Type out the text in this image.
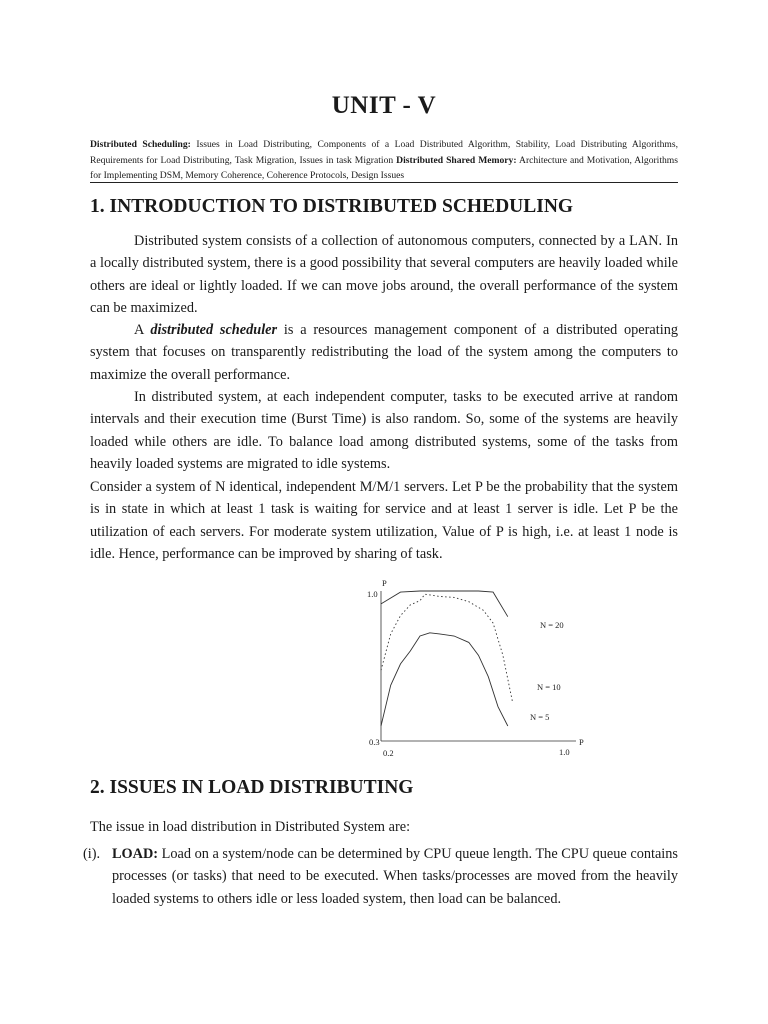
UNIT - V
Distributed Scheduling: Issues in Load Distributing, Components of a Load Distributed Algorithm, Stability, Load Distributing Algorithms, Requirements for Load Distributing, Task Migration, Issues in task Migration Distributed Shared Memory: Architecture and Motivation, Algorithms for Implementing DSM, Memory Coherence, Coherence Protocols, Design Issues
1. INTRODUCTION TO DISTRIBUTED SCHEDULING

Distributed system consists of a collection of autonomous computers, connected by a LAN. In a locally distributed system, there is a good possibility that several computers are heavily loaded while others are ideal or lightly loaded. If we can move jobs around, the overall performance of the system can be maximized.

A distributed scheduler is a resources management component of a distributed operating system that focuses on transparently redistributing the load of the system among the computers to maximize the overall performance.

In distributed system, at each independent computer, tasks to be executed arrive at random intervals and their execution time (Burst Time) is also random. So, some of the systems are heavily loaded while others are idle. To balance load among distributed systems, some of the tasks from heavily loaded systems are migrated to idle systems.

Consider a system of N identical, independent M/M/1 servers. Let P be the probability that the system is in state in which at least 1 task is waiting for service and at least 1 server is idle. Let P be the utilization of each servers. For moderate system utilization, Value of P is high, i.e. at least 1 node is idle. Hence, performance can be improved by sharing of task.

P
P
1.0
0.3
0.2	1.0
N = 20
N = 10
N = 5
2. ISSUES IN LOAD DISTRIBUTING

The issue in load distribution in Distributed System are:

(i). LOAD: Load on a system/node can be determined by CPU queue length. The CPU queue contains processes (or tasks) that need to be executed. When tasks/processes are moved from the heavily loaded systems to others idle or less loaded system, then load can be balanced.
